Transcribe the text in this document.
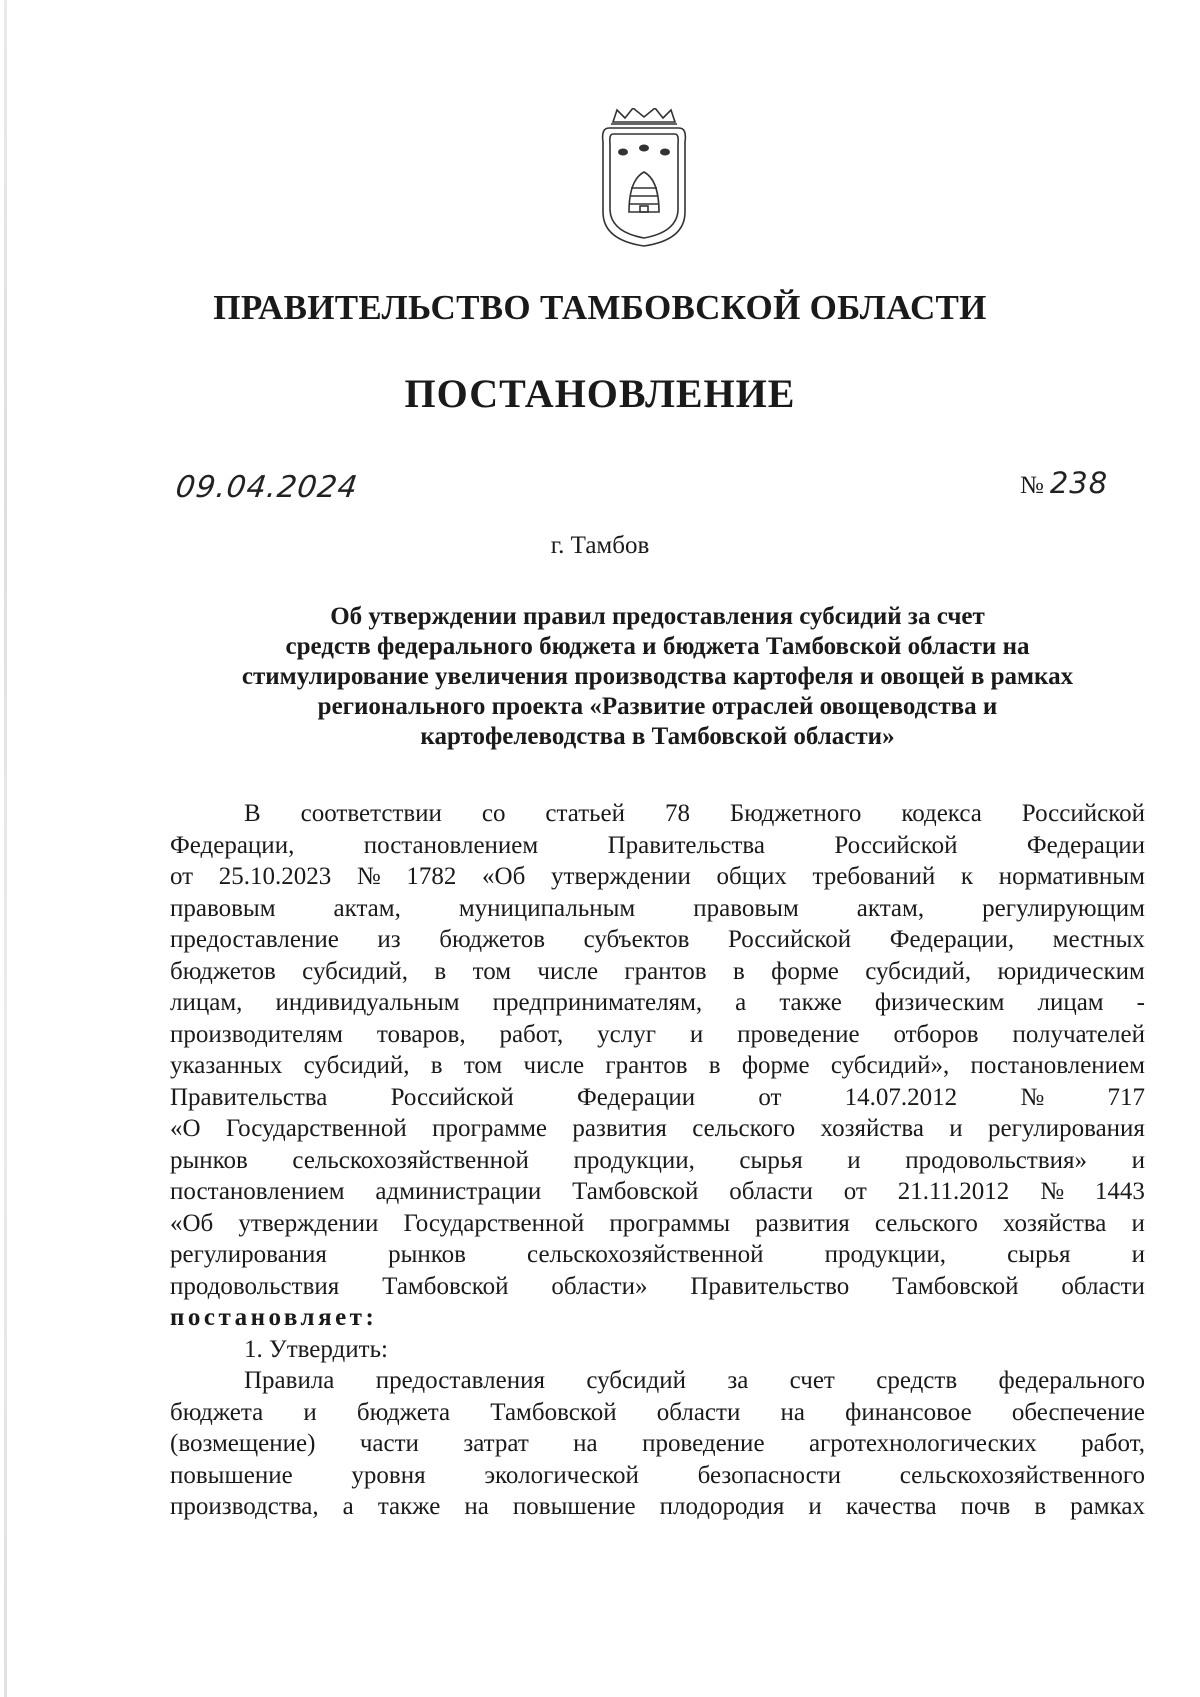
ПРАВИТЕЛЬСТВО ТАМБОВСКОЙ ОБЛАСТИ
ПОСТАНОВЛЕНИЕ
09.04.2024	№ 238
г. Тамбов
Об утверждении правил предоставления субсидий за счет
средств федерального бюджета и бюджета Тамбовской области на
стимулирование увеличения производства картофеля и овощей в рамках
регионального проекта «Развитие отраслей овощеводства и
картофелеводства в Тамбовской области»
В соответствии со статьей 78 Бюджетного кодекса Российской
Федерации,	постановлением	Правительства	Российской	Федерации
от 25.10.2023 № 1782 «Об утверждении общих требований к нормативным
правовым актам, муниципальным правовым актам, регулирующим
предоставление из бюджетов субъектов Российской Федерации, местных
бюджетов субсидий, в том числе грантов в форме субсидий, юридическим
лицам, индивидуальным предпринимателям, а также физическим лицам -
производителям товаров, работ, услуг и проведение отборов получателей
указанных субсидий, в том числе грантов в форме субсидий», постановлением
Правительства	Российской	Федерации	от	14.07.2012	№	717
«О Государственной программе развития сельского хозяйства и регулирования
рынков сельскохозяйственной продукции, сырья и продовольствия» и
постановлением администрации Тамбовской области от 21.11.2012 № 1443
«Об утверждении Государственной программы развития сельского хозяйства и
регулирования рынков сельскохозяйственной продукции, сырья и
продовольствия Тамбовской области» Правительство Тамбовской области
постановляет:
1. Утвердить:
Правила предоставления субсидий за счет средств федерального
бюджета и бюджета Тамбовской области на финансовое обеспечение
(возмещение) части затрат на проведение агротехнологических работ,
повышение уровня экологической безопасности сельскохозяйственного
производства, а также на повышение плодородия и качества почв в рамках
